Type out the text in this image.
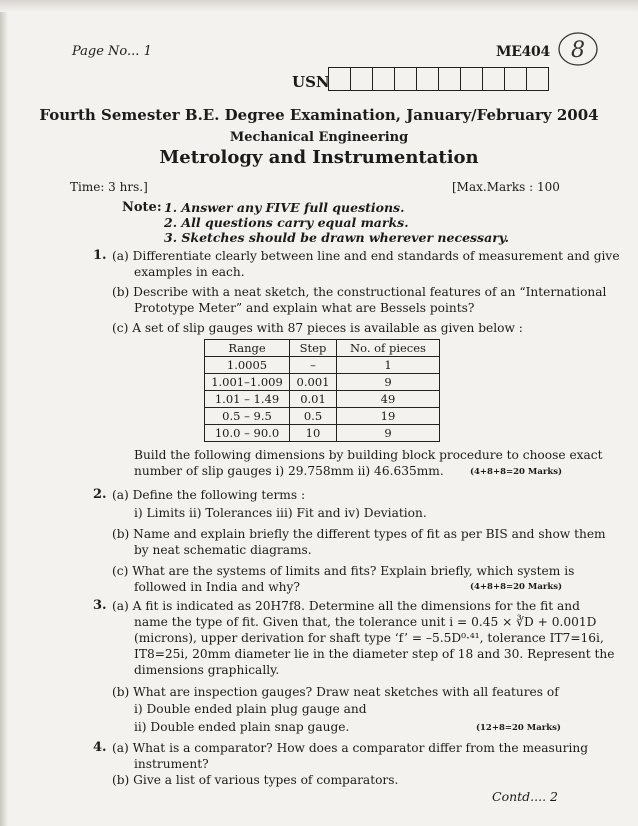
Page No... 1	ME404 8
USN
Fourth Semester B.E. Degree Examination, January/February 2004
Mechanical Engineering
Metrology and Instrumentation
Time: 3 hrs.]	[Max.Marks : 100
Note: 1. Answer any FIVE full questions.
2. All questions carry equal marks.
3. Sketches should be drawn wherever necessary.
1. (a) Differentiate clearly between line and end standards of measurement and give
examples in each.
(b) Describe with a neat sketch, the constructional features of an “International
Prototype Meter” and explain what are Bessels points?
(c) A set of slip gauges with 87 pieces is available as given below :
Range	Step	No. of pieces
1.0005	–	1
1.001–1.009	0.001	9
1.01 – 1.49	0.01	49
0.5 – 9.5	0.5	19
10.0 – 90.0	10	9
Build the following dimensions by building block procedure to choose exact
number of slip gauges i) 29.758mm ii) 46.635mm.	(4+8+8=20 Marks)
2. (a) Define the following terms :
i) Limits ii) Tolerances iii) Fit and iv) Deviation.
(b) Name and explain briefly the different types of fit as per BIS and show them
by neat schematic diagrams.
(c) What are the systems of limits and fits? Explain briefly, which system is
followed in India and why?	(4+8+8=20 Marks)
3. (a) A fit is indicated as 20H7f8. Determine all the dimensions for the fit and
name the type of fit. Given that, the tolerance unit i = 0.45 × ∛D + 0.001D
(microns), upper derivation for shaft type ‘f’ = –5.5D⁰·⁴¹, tolerance IT7=16i,
IT8=25i, 20mm diameter lie in the diameter step of 18 and 30. Represent the
dimensions graphically.
(b) What are inspection gauges? Draw neat sketches with all features of
i) Double ended plain plug gauge and
ii) Double ended plain snap gauge.	(12+8=20 Marks)
4. (a) What is a comparator? How does a comparator differ from the measuring
instrument?
(b) Give a list of various types of comparators.
Contd.... 2
